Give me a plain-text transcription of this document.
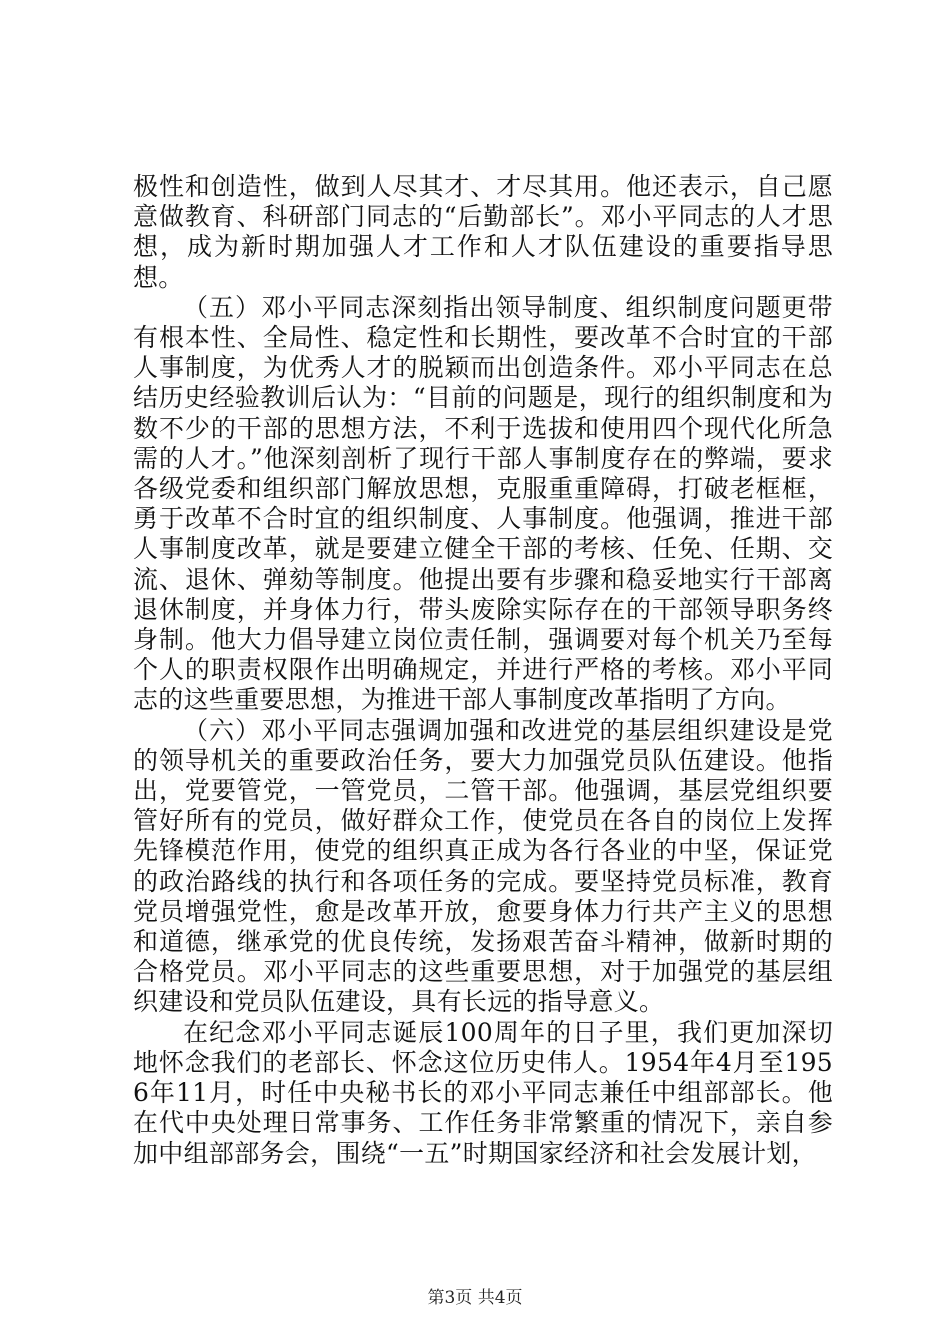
极性和创造性，做到人尽其才、才尽其用。他还表示，自己愿意做教育、科研部门同志的“后勤部长”。邓小平同志的人才思想，成为新时期加强人才工作和人才队伍建设的重要指导思想。

（五）邓小平同志深刻指出领导制度、组织制度问题更带有根本性、全局性、稳定性和长期性，要改革不合时宜的干部人事制度，为优秀人才的脱颖而出创造条件。邓小平同志在总结历史经验教训后认为：“目前的问题是，现行的组织制度和为数不少的干部的思想方法，不利于选拔和使用四个现代化所急需的人才。”他深刻剖析了现行干部人事制度存在的弊端，要求各级党委和组织部门解放思想，克服重重障碍，打破老框框，勇于改革不合时宜的组织制度、人事制度。他强调，推进干部人事制度改革，就是要建立健全干部的考核、任免、任期、交流、退休、弹劾等制度。他提出要有步骤和稳妥地实行干部离退休制度，并身体力行，带头废除实际存在的干部领导职务终身制。他大力倡导建立岗位责任制，强调要对每个机关乃至每个人的职责权限作出明确规定，并进行严格的考核。邓小平同志的这些重要思想，为推进干部人事制度改革指明了方向。

（六）邓小平同志强调加强和改进党的基层组织建设是党的领导机关的重要政治任务，要大力加强党员队伍建设。他指出，党要管党，一管党员，二管干部。他强调，基层党组织要管好所有的党员，做好群众工作，使党员在各自的岗位上发挥先锋模范作用，使党的组织真正成为各行各业的中坚，保证党的政治路线的执行和各项任务的完成。要坚持党员标准，教育党员增强党性，愈是改革开放，愈要身体力行共产主义的思想和道德，继承党的优良传统，发扬艰苦奋斗精神，做新时期的合格党员。邓小平同志的这些重要思想，对于加强党的基层组织建设和党员队伍建设，具有长远的指导意义。

在纪念邓小平同志诞辰100周年的日子里，我们更加深切地怀念我们的老部长、怀念这位历史伟人。1954年4月至1956年11月，时任中央秘书长的邓小平同志兼任中组部部长。他在代中央处理日常事务、工作任务非常繁重的情况下，亲自参加中组部部务会，围绕“一五”时期国家经济和社会发展计划，

第3页 共4页
